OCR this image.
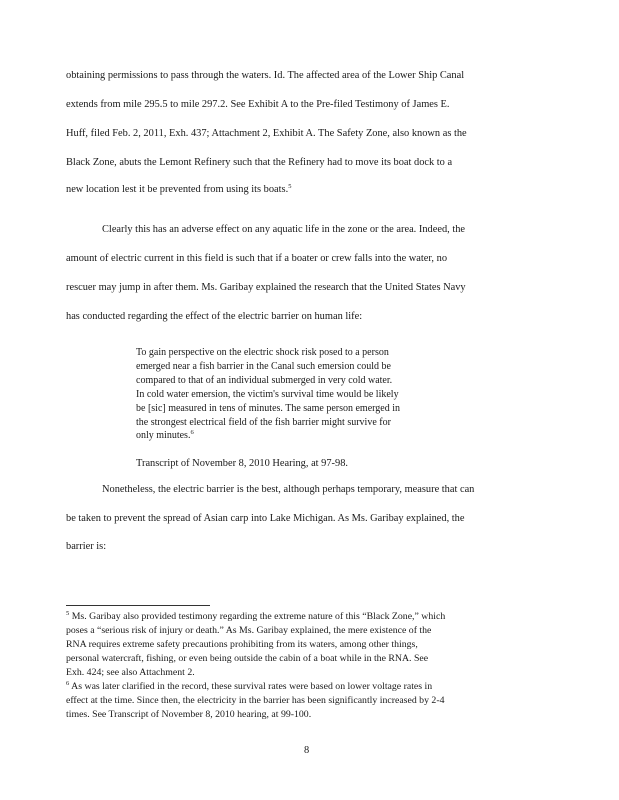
obtaining permissions to pass through the waters. Id. The affected area of the Lower Ship Canal
extends from mile 295.5 to mile 297.2. See Exhibit A to the Pre-filed Testimony of James E.
Huff, filed Feb. 2, 2011, Exh. 437; Attachment 2, Exhibit A. The Safety Zone, also known as the
Black Zone, abuts the Lemont Refinery such that the Refinery had to move its boat dock to a
new location lest it be prevented from using its boats.$^5$
Clearly this has an adverse effect on any aquatic life in the zone or the area. Indeed, the
amount of electric current in this field is such that if a boater or crew falls into the water, no
rescuer may jump in after them. Ms. Garibay explained the research that the United States Navy
has conducted regarding the effect of the electric barrier on human life:
To gain perspective on the electric shock risk posed to a person
emerged near a fish barrier in the Canal such emersion could be
compared to that of an individual submerged in very cold water.
In cold water emersion, the victim's survival time would be likely
be [sic] measured in tens of minutes. The same person emerged in
the strongest electrical field of the fish barrier might survive for
only minutes.$^6$
Transcript of November 8, 2010 Hearing, at 97-98.
Nonetheless, the electric barrier is the best, although perhaps temporary, measure that can
be taken to prevent the spread of Asian carp into Lake Michigan. As Ms. Garibay explained, the
barrier is:
$^5$ Ms. Garibay also provided testimony regarding the extreme nature of this “Black Zone,” which
poses a “serious risk of injury or death.” As Ms. Garibay explained, the mere existence of the
RNA requires extreme safety precautions prohibiting from its waters, among other things,
personal watercraft, fishing, or even being outside the cabin of a boat while in the RNA. See
Exh. 424; see also Attachment 2.
$^6$ As was later clarified in the record, these survival rates were based on lower voltage rates in
effect at the time. Since then, the electricity in the barrier has been significantly increased by 2-4
times. See Transcript of November 8, 2010 hearing, at 99-100.
8
